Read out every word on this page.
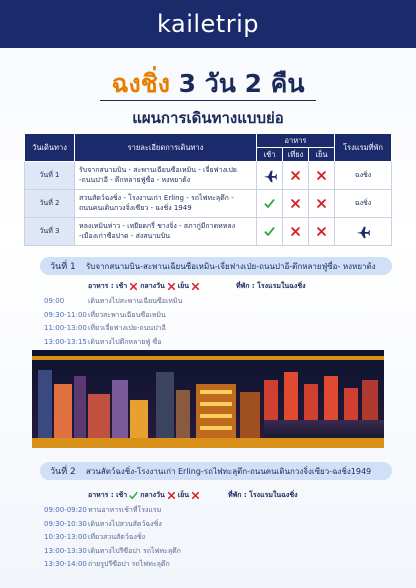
kailetrip
ฉงชิ่ง 3 วัน 2 คืน
แผนการเดินทางแบบย่อ
วันเดินทาง	รายละเอียดการเดินทาง	อาหาร			โรงแรมที่พัก
		เช้า	เที่ยง	เย็น	
วันที่ 1	รับจากสนามบิน - สะพานเฉียนซือเหมิน - เจี่ยฟางเปย
-ถนนปาอี - ตึกหลายฟู่ซื่อ - หงหยาต้ง				ฉงชิ่ง
วันที่ 2	สวนสัตว์ฉงชิ่ง - โรงงานเก่า Erling - รถไฟทะลุตึก -
ถนนคนเดินกวงจิ่งเซียว - ฉงชิ่ง 1949				ฉงชิ่ง
วันที่ 3	หลงเหมินห่าว - เหยียดกรี่ ชางจิ่ง - สภากู่มีกาดหหลง
-เมืองเก่าซือปาด - ส่งสนามบิน				
วันที่ 1	รับจากสนามบิน-สะพานเฉียนซือเหมิน-เจี่ยฟางเป่ย-ถนนปาอี-ตึกหลายฟู่ซื่อ- หงหยาต้ง
อาหาร : เช้า กลางวัน เย็น	ที่พัก : โรงแรมในฉงชิ่ง
09:00	เดินทางไปสะพานเฉียนซือเหมิน
09:30-11:00 เที่ยวสะพานเฉียนซือเหมิน
11:00-13:00 เที่ยวเจี่ยฟางเป่ย-ถนนปาอี
13:00-13:15 เดินทางไปตึกหลายฟู่ ซื่อ
วันที่ 2	สวนสัตว์ฉงชิ่ง-โรงงานเก่า Erling-รถไฟทะลุตึก-ถนนคนเดินกวงจิ่งเซียว-ฉงชิ่ง1949
อาหาร : เช้า กลางวัน เย็น	ที่พัก : โรงแรมในฉงชิ่ง
09:00-09:20 ทานอาหารเช้าที่โรงแรม
09:30-10:30 เดินทางไปสวนสัตว์ฉงชิ่ง
10:30-13:00 เที่ยวสวนสัตว์ฉงชิ่ง
13:00-13:30 เดินทางไปรีซือปา รถไฟทะลุตึก
13:30-14:00 ถ่ายรูปรีซือปา รถไฟทะลุตึก
